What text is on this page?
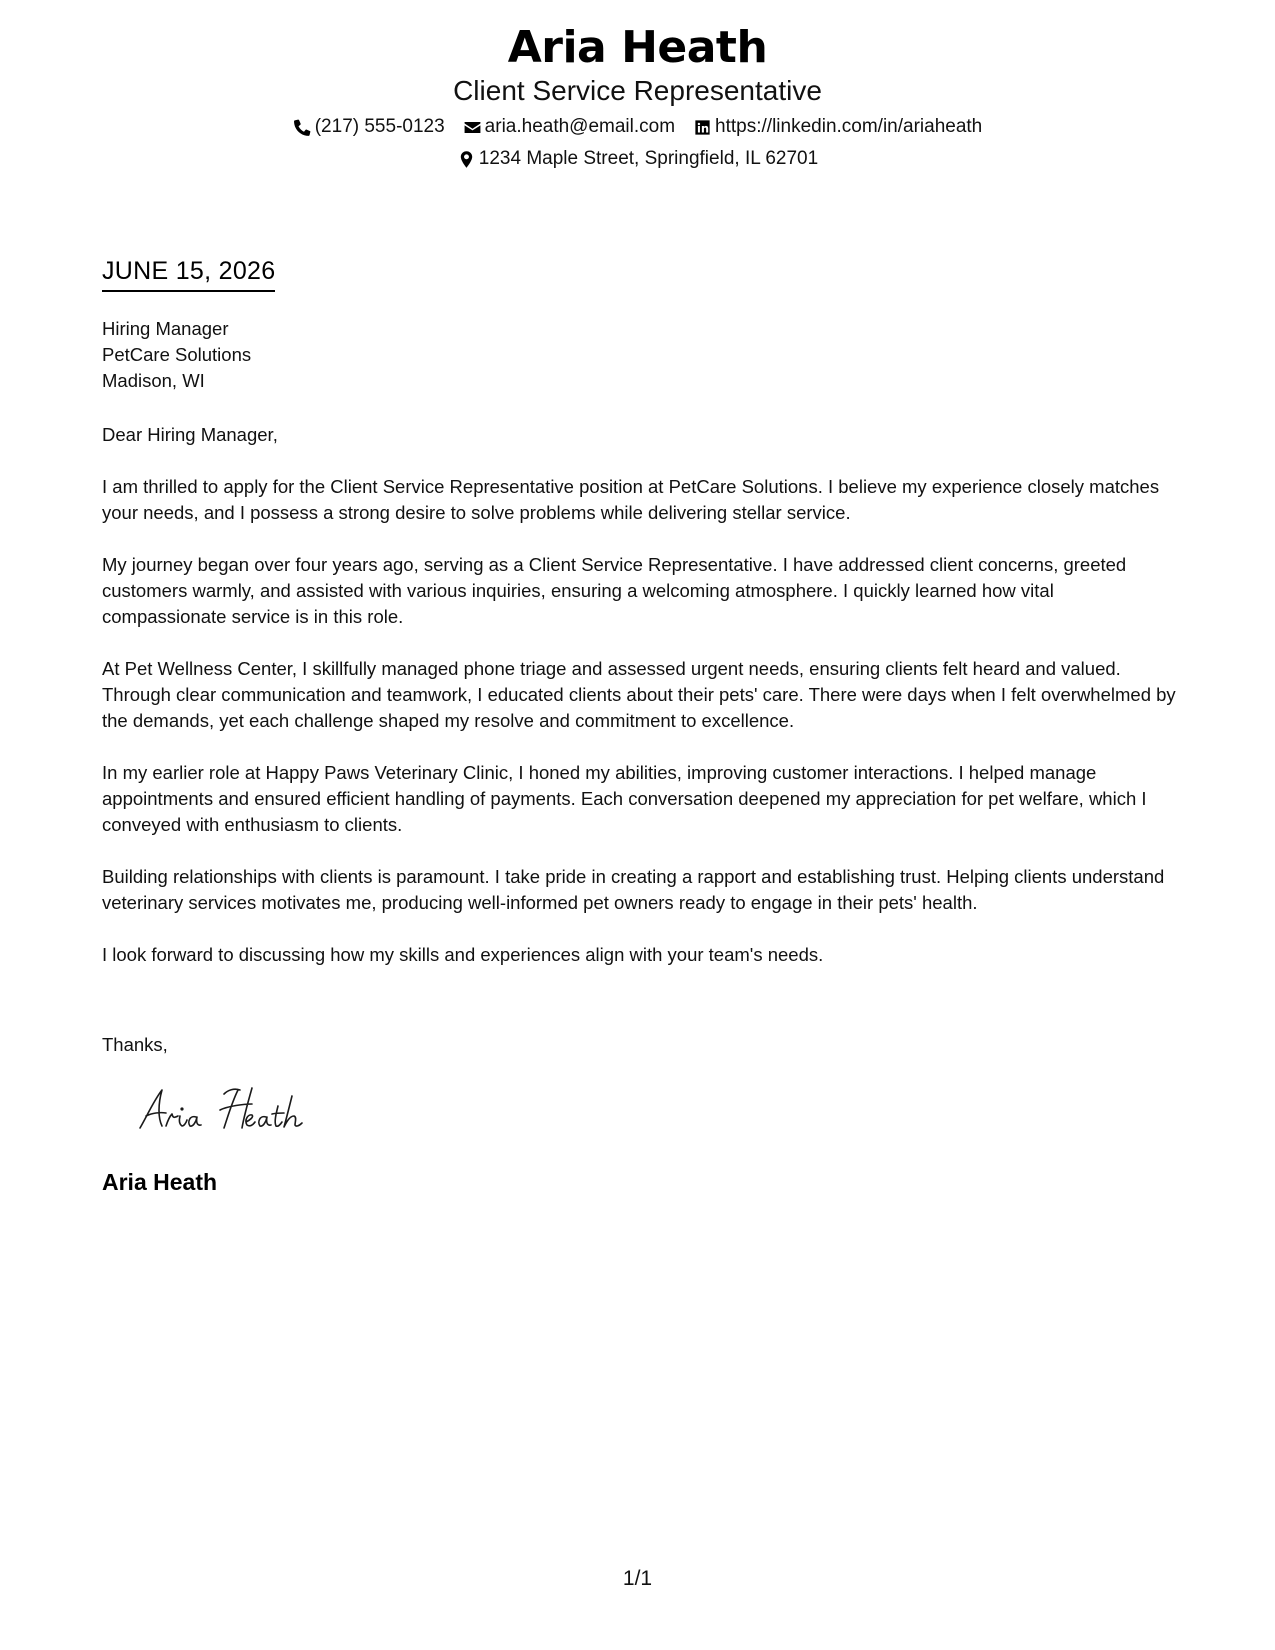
Aria Heath
Client Service Representative
(217) 555-0123 aria.heath@email.com https://linkedin.com/in/ariaheath
1234 Maple Street, Springfield, IL 62701
JUNE 15, 2026
Hiring Manager
PetCare Solutions
Madison, WI

Dear Hiring Manager,

I am thrilled to apply for the Client Service Representative position at PetCare Solutions. I believe my experience closely matches your needs, and I possess a strong desire to solve problems while delivering stellar service.

My journey began over four years ago, serving as a Client Service Representative. I have addressed client concerns, greeted customers warmly, and assisted with various inquiries, ensuring a welcoming atmosphere. I quickly learned how vital compassionate service is in this role.

At Pet Wellness Center, I skillfully managed phone triage and assessed urgent needs, ensuring clients felt heard and valued. Through clear communication and teamwork, I educated clients about their pets' care. There were days when I felt overwhelmed by the demands, yet each challenge shaped my resolve and commitment to excellence.

In my earlier role at Happy Paws Veterinary Clinic, I honed my abilities, improving customer interactions. I helped manage appointments and ensured efficient handling of payments. Each conversation deepened my appreciation for pet welfare, which I conveyed with enthusiasm to clients.

Building relationships with clients is paramount. I take pride in creating a rapport and establishing trust. Helping clients understand veterinary services motivates me, producing well-informed pet owners ready to engage in their pets' health.

I look forward to discussing how my skills and experiences align with your team's needs.

Thanks,
Aria Heath
1/1
